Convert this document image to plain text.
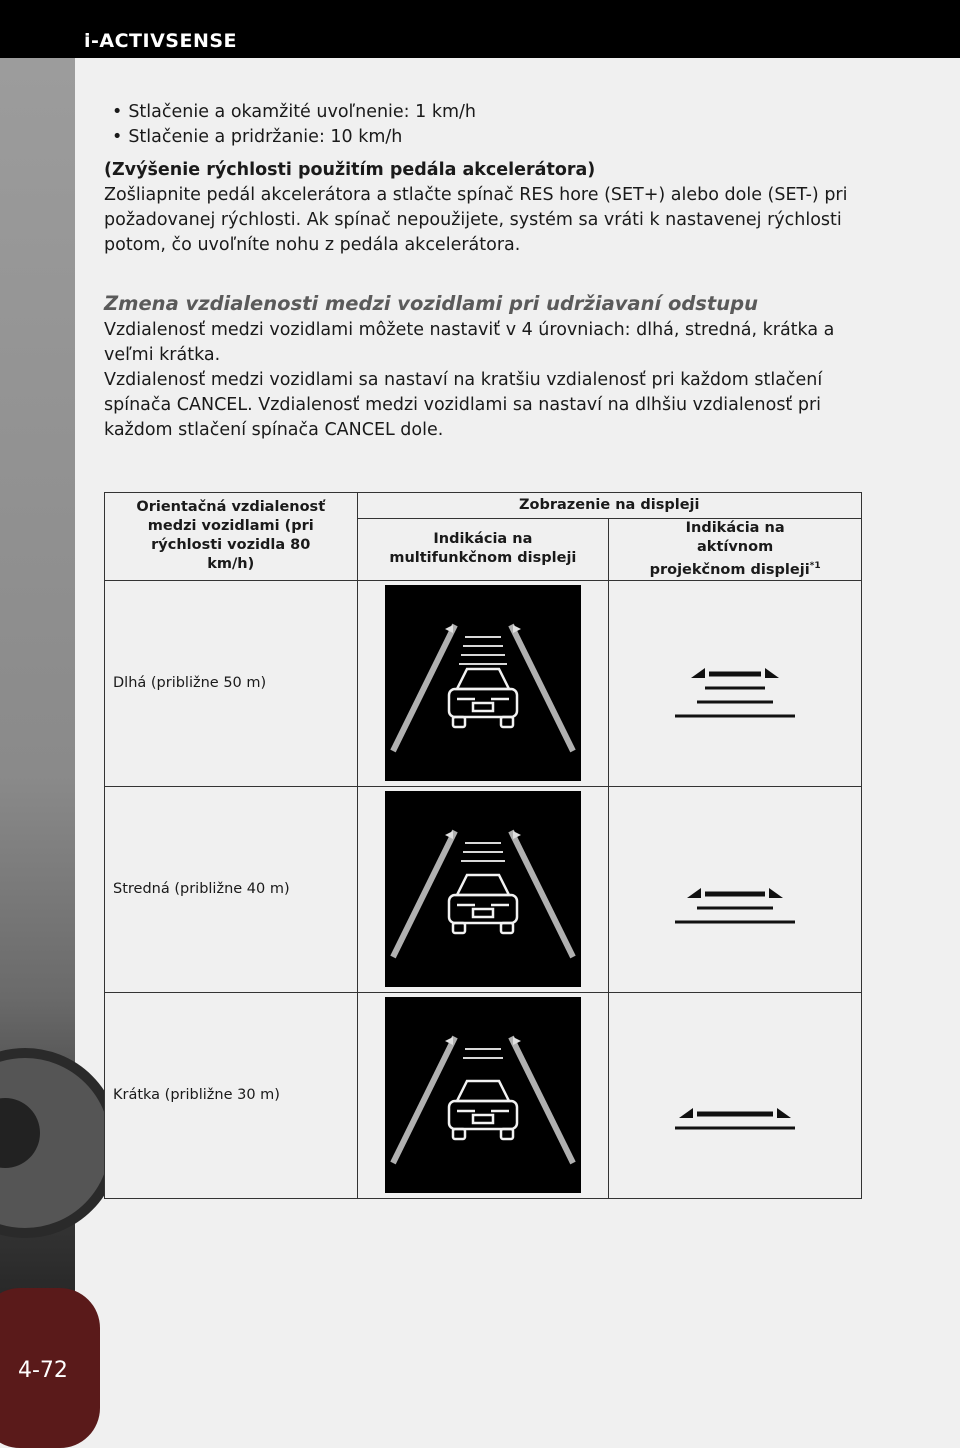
i-ACTIVSENSE
4-72

• Stlačenie a okamžité uvoľnenie: 1 km/h

• Stlačenie a pridržanie: 10 km/h

(Zvýšenie rýchlosti použitím pedála akcelerátora)

Zošliapnite pedál akcelerátora a stlačte spínač RES hore (SET+) alebo dole (SET-) pri požadovanej rýchlosti. Ak spínač nepoužijete, systém sa vráti k nastavenej rýchlosti potom, čo uvoľníte nohu z pedála akcelerátora.

Zmena vzdialenosti medzi vozidlami pri udržiavaní odstupu

Vzdialenosť medzi vozidlami môžete nastaviť v 4 úrovniach: dlhá, stredná, krátka a veľmi krátka.

Vzdialenosť medzi vozidlami sa nastaví na kratšiu vzdialenosť pri každom stlačení spínača CANCEL. Vzdialenosť medzi vozidlami sa nastaví na dlhšiu vzdialenosť pri každom stlačení spínača CANCEL dole.

Orientačná vzdialenosť medzi vozidlami (pri rýchlosti vozidla 80 km/h)	Zobrazenie na displeji	

	Indikácia na multifunkčnom displeji	Indikácia na aktívnom projekčnom displeji$^{*1}$

Dlhá (približne 50 m)	

Stredná (približne 40 m)	

Krátka (približne 30 m)	
